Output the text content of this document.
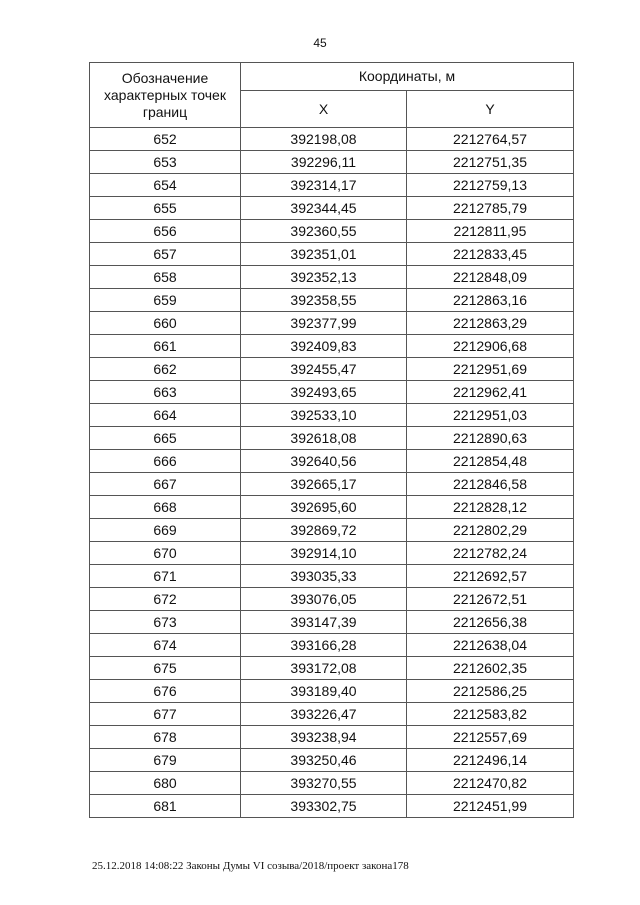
45
Обозначение характерных точек границ	Координаты, м	
	X	Y
652	392198,08	2212764,57
653	392296,11	2212751,35
654	392314,17	2212759,13
655	392344,45	2212785,79
656	392360,55	2212811,95
657	392351,01	2212833,45
658	392352,13	2212848,09
659	392358,55	2212863,16
660	392377,99	2212863,29
661	392409,83	2212906,68
662	392455,47	2212951,69
663	392493,65	2212962,41
664	392533,10	2212951,03
665	392618,08	2212890,63
666	392640,56	2212854,48
667	392665,17	2212846,58
668	392695,60	2212828,12
669	392869,72	2212802,29
670	392914,10	2212782,24
671	393035,33	2212692,57
672	393076,05	2212672,51
673	393147,39	2212656,38
674	393166,28	2212638,04
675	393172,08	2212602,35
676	393189,40	2212586,25
677	393226,47	2212583,82
678	393238,94	2212557,69
679	393250,46	2212496,14
680	393270,55	2212470,82
681	393302,75	2212451,99
25.12.2018 14:08:22 Законы Думы VI созыва/2018/проект закона178
